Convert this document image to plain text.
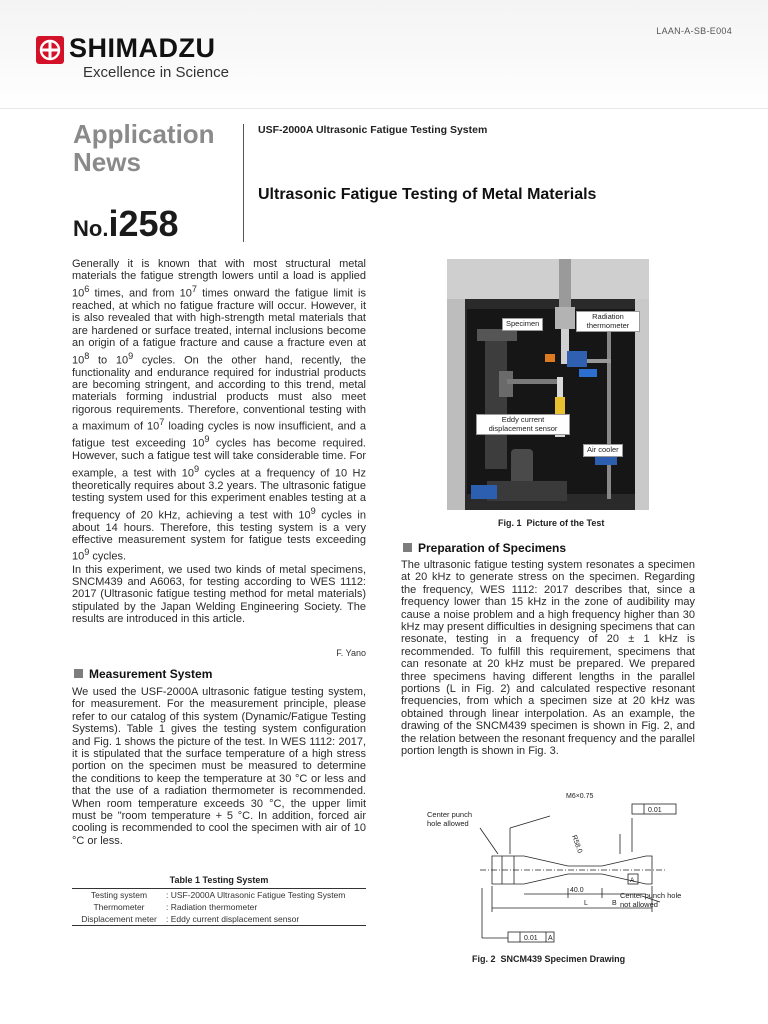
LAAN-A-SB-E004
SHIMADZU
Excellence in Science
Application
News
No.i258
USF-2000A Ultrasonic Fatigue Testing System
Ultrasonic Fatigue Testing of Metal Materials

Generally it is known that with most structural metal materials the fatigue strength lowers until a load is applied $10^6$ times, and from $10^7$ times onward the fatigue limit is reached, at which no fatigue fracture will occur. However, it is also revealed that with high-strength metal materials that are hardened or surface treated, internal inclusions become an origin of a fatigue fracture and cause a fracture even at $10^8$ to $10^9$ cycles. On the other hand, recently, the functionality and endurance required for industrial products are becoming stringent, and according to this trend, metal materials forming industrial products must also meet rigorous requirements. Therefore, conventional testing with a maximum of $10^7$ loading cycles is now insufficient, and a fatigue test exceeding $10^9$ cycles has become required. However, such a fatigue test will take considerable time. For example, a test with $10^9$ cycles at a frequency of 10 Hz theoretically requires about 3.2 years. The ultrasonic fatigue testing system used for this experiment enables testing at a frequency of 20 kHz, achieving a test with $10^9$ cycles in about 14 hours. Therefore, this testing system is a very effective measurement system for fatigue tests exceeding $10^9$ cycles.

In this experiment, we used two kinds of metal specimens, SNCM439 and A6063, for testing according to WES 1112: 2017 (Ultrasonic fatigue testing method for metal materials) stipulated by the Japan Welding Engineering Society. The results are introduced in this article.

F. Yano
Measurement System

We used the USF-2000A ultrasonic fatigue testing system, for measurement. For the measurement principle, please refer to our catalog of this system (Dynamic/Fatigue Testing Systems). Table 1 gives the testing system configuration and Fig. 1 shows the picture of the test. In WES 1112: 2017, it is stipulated that the surface temperature of a high stress portion on the specimen must be measured to determine the conditions to keep the temperature at 30 °C or less and that the use of a radiation thermometer is recommended. When room temperature exceeds 30 °C, the upper limit must be "room temperature + 5 °C. In addition, forced air cooling is recommended to cool the specimen with air of 10 °C or less.

Table 1 Testing System
Testing system	: USF-2000A Ultrasonic Fatigue Testing System
Thermometer	: Radiation thermometer
Displacement meter	: Eddy current displacement sensor
Specimen
Radiation thermometer
Eddy current displacement sensor
Air cooler
Fig. 1 Picture of the Test
Preparation of Specimens

The ultrasonic fatigue testing system resonates a specimen at 20 kHz to generate stress on the specimen. Regarding the frequency, WES 1112: 2017 describes that, since a frequency lower than 15 kHz in the zone of audibility may cause a noise problem and a high frequency higher than 30 kHz may present difficulties in designing specimens that can resonate, testing in a frequency of 20 ± 1 kHz is recommended. To fulfill this requirement, specimens that can resonate at 20 kHz must be prepared. We prepared three specimens having different lengths in the parallel portions (L in Fig. 2) and calculated respective resonant frequencies, from which a specimen size at 20 kHz was obtained through linear interpolation. As an example, the drawing of the SNCM439 specimen is shown in Fig. 2, and the relation between the resonant frequency and the parallel portion length is shown in Fig. 3.

M6×0.75
0.01
A
40.0
L	B
R58.0
0.01 A
Center punch hole allowed
Center punch hole not allowed
Fig. 2 SNCM439 Specimen Drawing
